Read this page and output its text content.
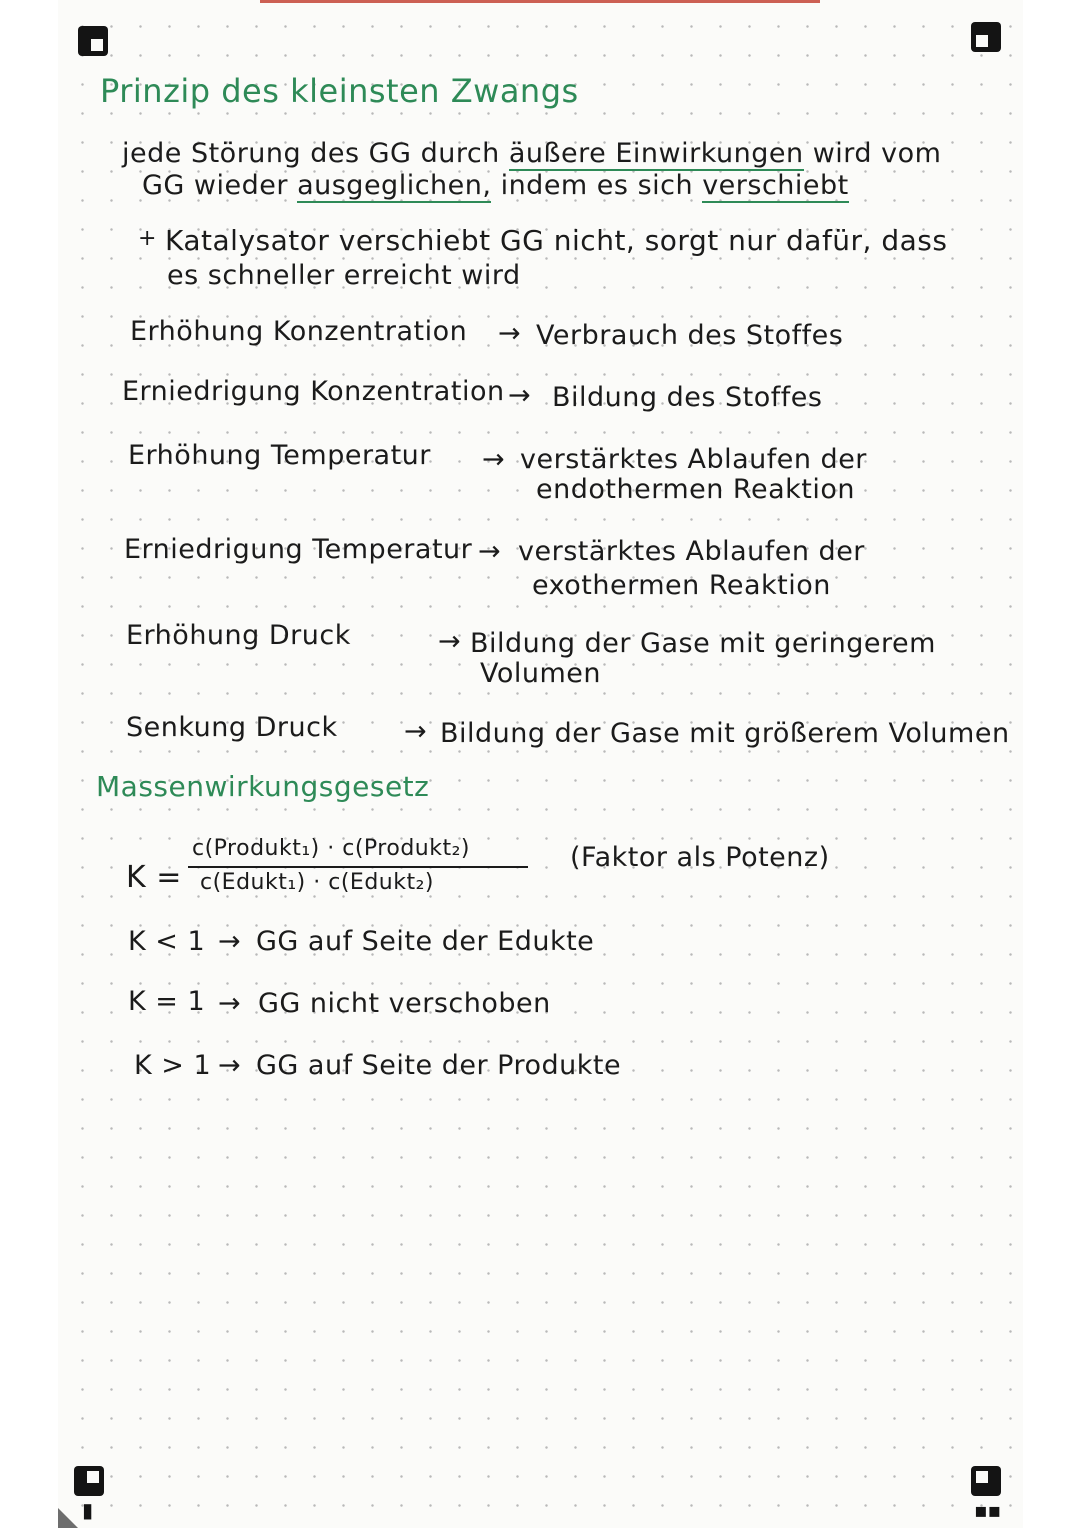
Prinzip des kleinsten Zwangs
jede Störung des GG durch äußere Einwirkungen wird vom
GG wieder ausgeglichen, indem es sich verschiebt
+ Katalysator verschiebt GG nicht, sorgt nur dafür, dass
es schneller erreicht wird
Erhöhung Konzentration → Verbrauch des Stoffes
Erniedrigung Konzentration → Bildung des Stoffes
Erhöhung Temperatur → verstärktes Ablaufen der
endothermen Reaktion
Erniedrigung Temperatur → verstärktes Ablaufen der
exothermen Reaktion
Erhöhung Druck	→ Bildung der Gase mit geringerem
Volumen
Senkung Druck → Bildung der Gase mit größerem Volumen
Massenwirkungsgesetz
K =
c(Produkt₁) · c(Produkt₂)
c(Edukt₁) · c(Edukt₂)
(Faktor als Potenz)
K < 1 → GG auf Seite der Edukte
K = 1 → GG nicht verschoben
K > 1 → GG auf Seite der Produkte
▮	▪▪
